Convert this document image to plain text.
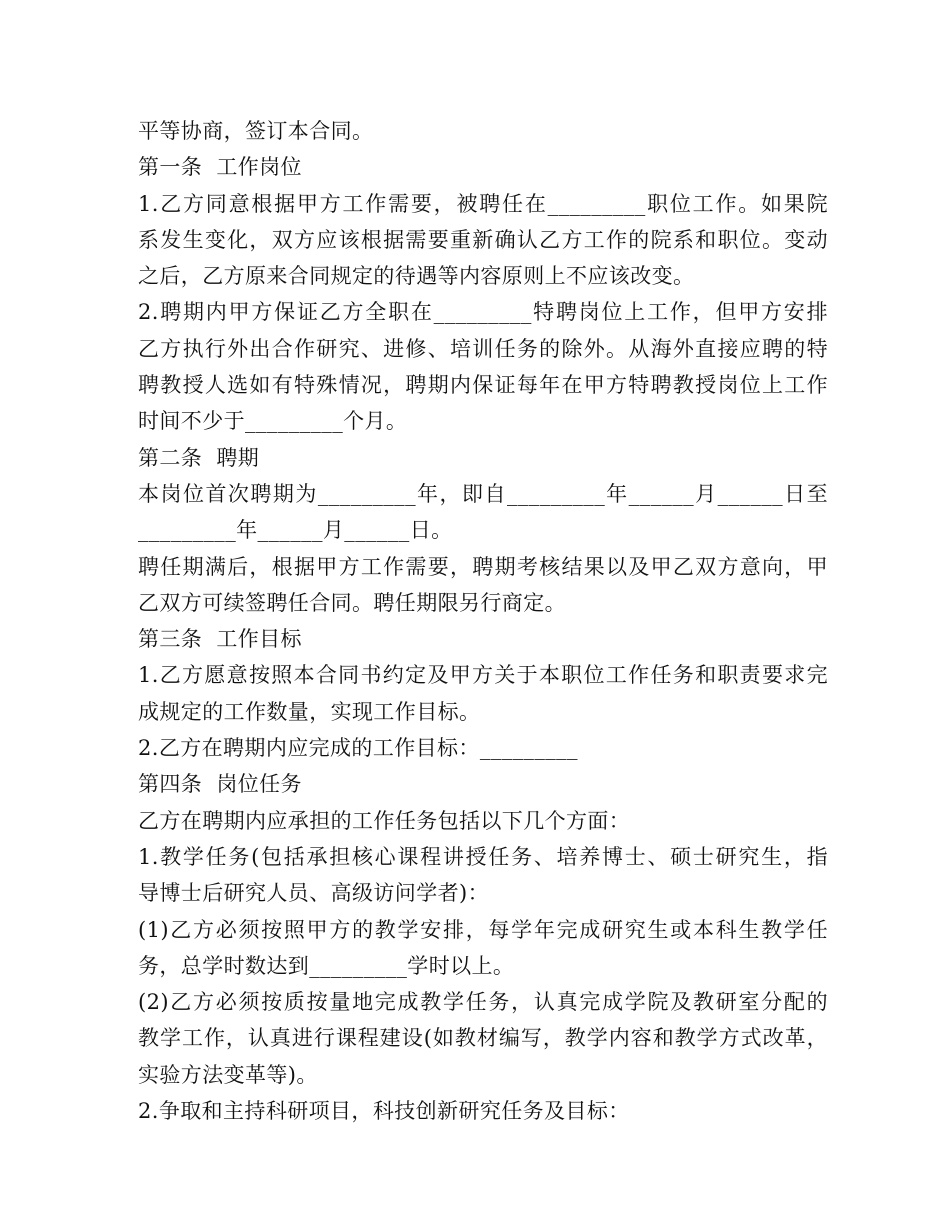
平等协商，签订本合同。
第一条  工作岗位
1.乙方同意根据甲方工作需要，被聘任在_________职位工作。如果院
系发生变化，双方应该根据需要重新确认乙方工作的院系和职位。变动
之后，乙方原来合同规定的待遇等内容原则上不应该改变。
2.聘期内甲方保证乙方全职在_________特聘岗位上工作，但甲方安排
乙方执行外出合作研究、进修、培训任务的除外。从海外直接应聘的特
聘教授人选如有特殊情况，聘期内保证每年在甲方特聘教授岗位上工作
时间不少于_________个月。
第二条  聘期
本岗位首次聘期为_________年，即自_________年______月______日至
_________年______月______日。
聘任期满后，根据甲方工作需要，聘期考核结果以及甲乙双方意向，甲
乙双方可续签聘任合同。聘任期限另行商定。
第三条  工作目标
1.乙方愿意按照本合同书约定及甲方关于本职位工作任务和职责要求完
成规定的工作数量，实现工作目标。
2.乙方在聘期内应完成的工作目标：_________
第四条  岗位任务
乙方在聘期内应承担的工作任务包括以下几个方面：
1.教学任务(包括承担核心课程讲授任务、培养博士、硕士研究生，指
导博士后研究人员、高级访问学者)：
(1)乙方必须按照甲方的教学安排，每学年完成研究生或本科生教学任
务，总学时数达到_________学时以上。
(2)乙方必须按质按量地完成教学任务，认真完成学院及教研室分配的
教学工作，认真进行课程建设(如教材编写，教学内容和教学方式改革，
实验方法变革等)。
2.争取和主持科研项目，科技创新研究任务及目标：
